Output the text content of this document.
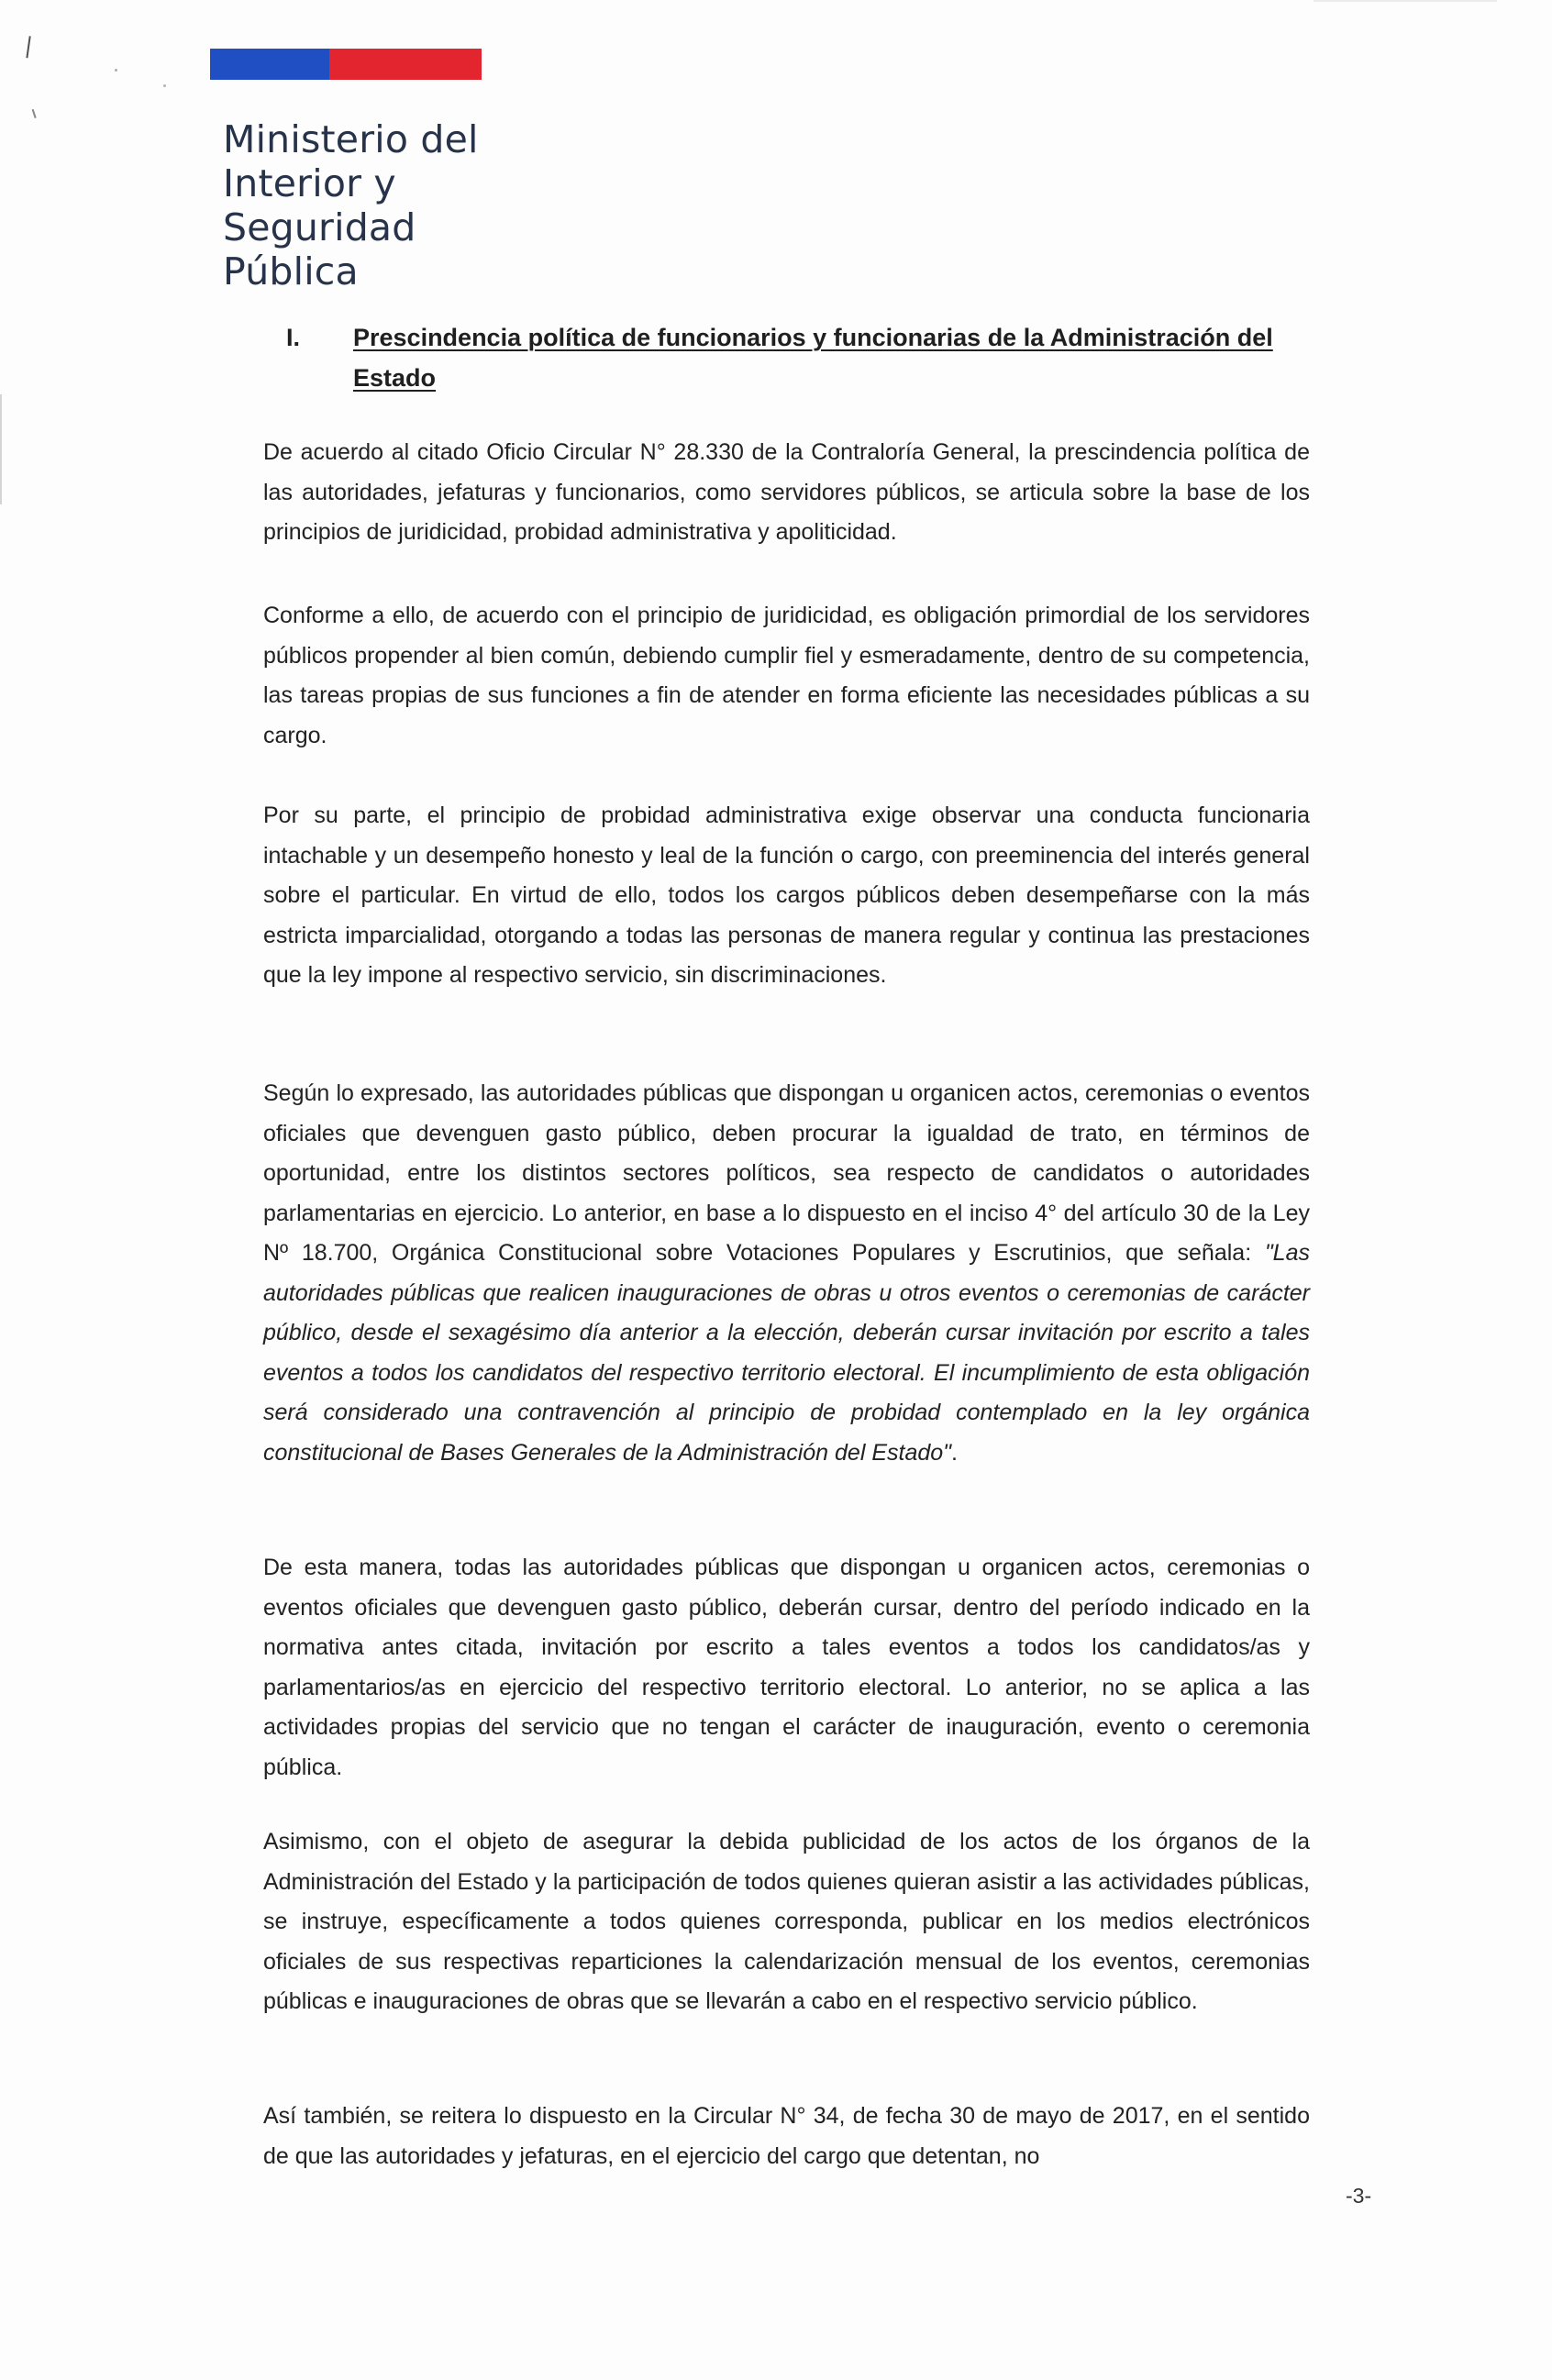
Ministerio del
Interior y
Seguridad
Pública
I.	Prescindencia política de funcionarios y funcionarias de la Administración del Estado

De acuerdo al citado Oficio Circular N° 28.330 de la Contraloría General, la prescindencia política de las autoridades, jefaturas y funcionarios, como servidores públicos, se articula sobre la base de los principios de juridicidad, probidad administrativa y apoliticidad.

Conforme a ello, de acuerdo con el principio de juridicidad, es obligación primordial de los servidores públicos propender al bien común, debiendo cumplir fiel y esmeradamente, dentro de su competencia, las tareas propias de sus funciones a fin de atender en forma eficiente las necesidades públicas a su cargo.

Por su parte, el principio de probidad administrativa exige observar una conducta funcionaria intachable y un desempeño honesto y leal de la función o cargo, con preeminencia del interés general sobre el particular. En virtud de ello, todos los cargos públicos deben desempeñarse con la más estricta imparcialidad, otorgando a todas las personas de manera regular y continua las prestaciones que la ley impone al respectivo servicio, sin discriminaciones.

Según lo expresado, las autoridades públicas que dispongan u organicen actos, ceremonias o eventos oficiales que devenguen gasto público, deben procurar la igualdad de trato, en términos de oportunidad, entre los distintos sectores políticos, sea respecto de candidatos o autoridades parlamentarias en ejercicio. Lo anterior, en base a lo dispuesto en el inciso 4° del artículo 30 de la Ley Nº 18.700, Orgánica Constitucional sobre Votaciones Populares y Escrutinios, que señala: "Las autoridades públicas que realicen inauguraciones de obras u otros eventos o ceremonias de carácter público, desde el sexagésimo día anterior a la elección, deberán cursar invitación por escrito a tales eventos a todos los candidatos del respectivo territorio electoral. El incumplimiento de esta obligación será considerado una contravención al principio de probidad contemplado en la ley orgánica constitucional de Bases Generales de la Administración del Estado".

De esta manera, todas las autoridades públicas que dispongan u organicen actos, ceremonias o eventos oficiales que devenguen gasto público, deberán cursar, dentro del período indicado en la normativa antes citada, invitación por escrito a tales eventos a todos los candidatos/as y parlamentarios/as en ejercicio del respectivo territorio electoral. Lo anterior, no se aplica a las actividades propias del servicio que no tengan el carácter de inauguración, evento o ceremonia pública.

Asimismo, con el objeto de asegurar la debida publicidad de los actos de los órganos de la Administración del Estado y la participación de todos quienes quieran asistir a las actividades públicas, se instruye, específicamente a todos quienes corresponda, publicar en los medios electrónicos oficiales de sus respectivas reparticiones la calendarización mensual de los eventos, ceremonias públicas e inauguraciones de obras que se llevarán a cabo en el respectivo servicio público.

Así también, se reitera lo dispuesto en la Circular N° 34, de fecha 30 de mayo de 2017, en el sentido de que las autoridades y jefaturas, en el ejercicio del cargo que detentan, no

-3-
